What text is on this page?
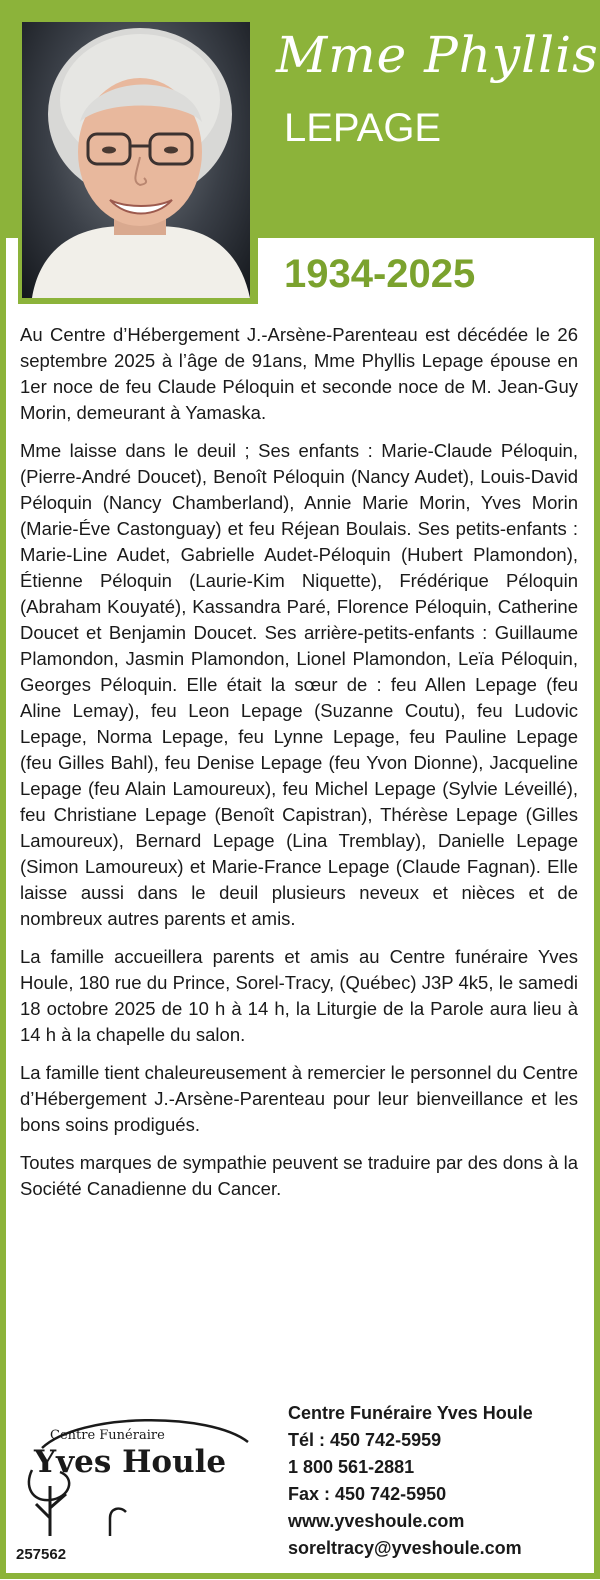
Mme Phyllis
LEPAGE
1934-2025

Au Centre d’Hébergement J.-Arsène-Parenteau est décédée le 26 septembre 2025 à l’âge de 91ans, Mme Phyllis Lepage épouse en 1er noce de feu Claude Péloquin et seconde noce de M. Jean-Guy Morin, demeurant à Yamaska.

Mme laisse dans le deuil ; Ses enfants : Marie-Claude Péloquin, (Pierre-André Doucet), Benoît Péloquin (Nancy Audet), Louis-David Péloquin (Nancy Chamberland), Annie Marie Morin, Yves Morin (Marie-Éve Castonguay) et feu Réjean Boulais. Ses petits-enfants : Marie-Line Audet, Gabrielle Audet-Péloquin (Hubert Plamondon), Étienne Péloquin (Laurie-Kim Niquette), Frédérique Péloquin (Abraham Kouyaté), Kassandra Paré, Florence Péloquin, Catherine Doucet et Benjamin Doucet. Ses arrière-petits-enfants : Guillaume Plamondon, Jasmin Plamondon, Lionel Plamondon, Leïa Péloquin, Georges Péloquin. Elle était la sœur de : feu Allen Lepage (feu Aline Lemay), feu Leon Lepage (Suzanne Coutu), feu Ludovic Lepage, Norma Lepage, feu Lynne Lepage, feu Pauline Lepage (feu Gilles Bahl), feu Denise Lepage (feu Yvon Dionne), Jacqueline Lepage (feu Alain Lamoureux), feu Michel Lepage (Sylvie Léveillé), feu Christiane Lepage (Benoît Capistran), Thérèse Lepage (Gilles Lamoureux), Bernard Lepage (Lina Tremblay), Danielle Lepage (Simon Lamoureux) et Marie-France Lepage (Claude Fagnan). Elle laisse aussi dans le deuil plusieurs neveux et nièces et de nombreux autres parents et amis.

La famille accueillera parents et amis au Centre funéraire Yves Houle, 180 rue du Prince, Sorel-Tracy, (Québec) J3P 4k5, le samedi 18 octobre 2025 de 10 h à 14 h, la Liturgie de la Parole aura lieu à 14 h à la chapelle du salon.

La famille tient chaleureusement à remercier le personnel du Centre d’Hébergement J.-Arsène-Parenteau pour leur bienveillance et les bons soins prodigués.

Toutes marques de sympathie peuvent se traduire par des dons à la Société Canadienne du Cancer.

Centre Funéraire
Yves Houle
257562
Centre Funéraire Yves Houle
Tél : 450 742-5959
1 800 561-2881
Fax : 450 742-5950
www.yveshoule.com
soreltracy@yveshoule.com
